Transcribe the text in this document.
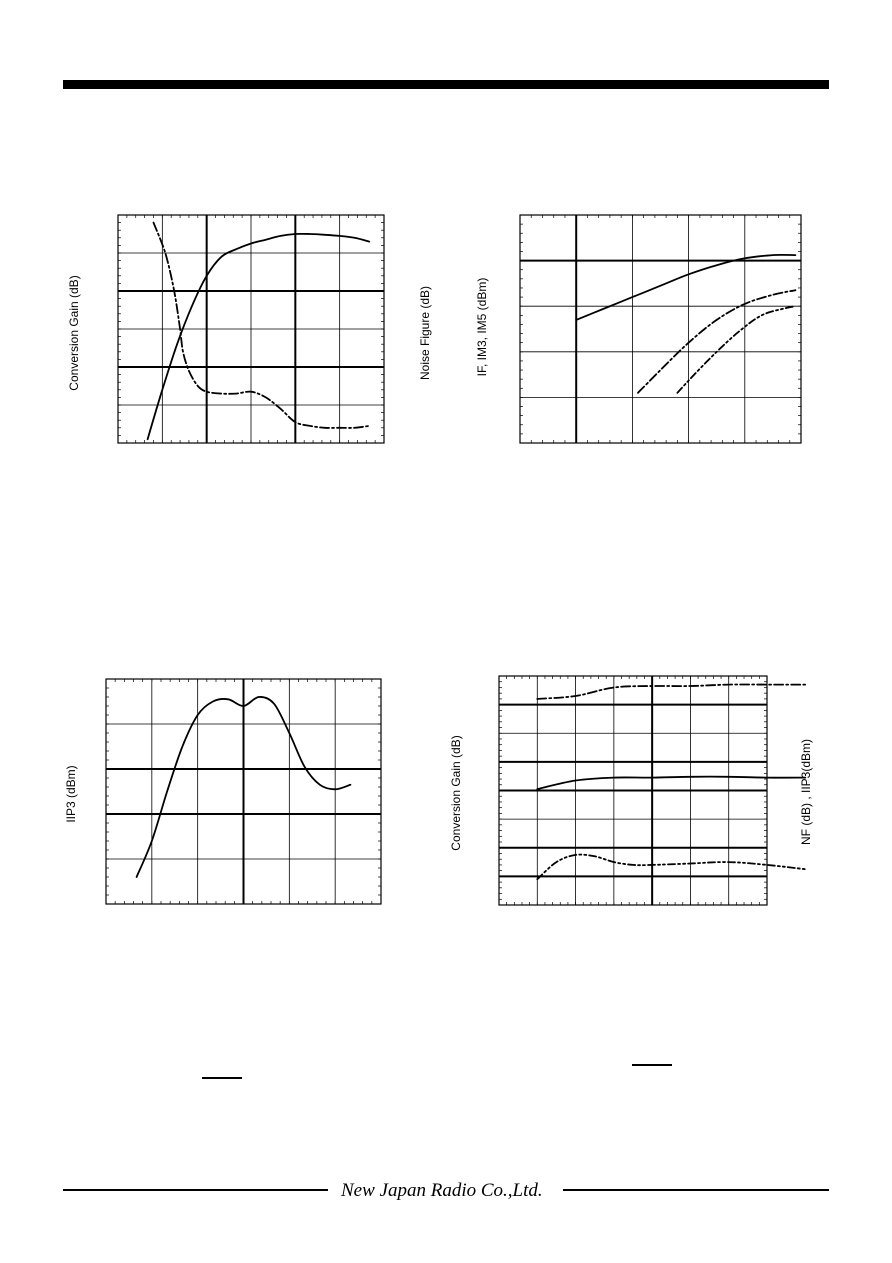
Conversion Gain (dB)	Noise Figure (dB)	IF, IM3, IM5 (dBm)
IIP3 (dBm)	Conversion Gain (dB)	NF (dB) , IIP3(dBm)
New Japan Radio Co.,Ltd.
